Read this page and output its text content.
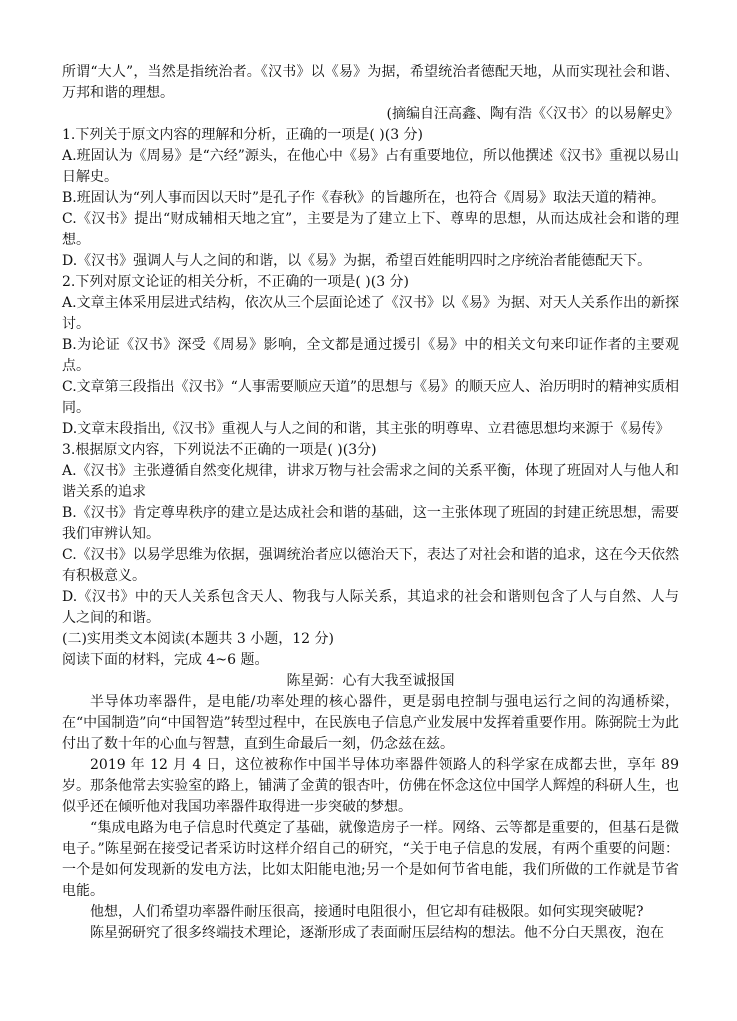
所谓“大人”，当然是指统治者。《汉书》以《易》为据，希望统治者德配天地，从而实现社会和谐、万邦和谐的理想。

(摘编自汪高鑫、陶有浩《〈汉书〉的以易解史》

1.下列关于原文内容的理解和分析，正确的一项是( )(3 分)

A.班固认为《周易》是“六经”源头，在他心中《易》占有重要地位，所以他撰述《汉书》重视以易山日解史。

B.班固认为“列人事而因以天时”是孔子作《春秋》的旨趣所在，也符合《周易》取法天道的精神。

C.《汉书》提出“财成辅相天地之宜”，主要是为了建立上下、尊卑的思想，从而达成社会和谐的理想。

D.《汉书》强调人与人之间的和谐，以《易》为据，希望百姓能明四时之序统治者能德配天下。

2.下列对原文论证的相关分析，不正确的一项是( )(3 分)

A.文章主体采用层进式结构，依次从三个层面论述了《汉书》以《易》为据、对天人关系作出的新探讨。

B.为论证《汉书》深受《周易》影响，全文都是通过援引《易》中的相关文句来印证作者的主要观点。

C.文章第三段指出《汉书》“人事需要顺应天道”的思想与《易》的顺天应人、治历明时的精神实质相同。

D.文章末段指出,《汉书》重视人与人之间的和谐，其主张的明尊卑、立君德思想均来源于《易传》

3.根据原文内容，下列说法不正确的一项是( )(3分)

A.《汉书》主张遵循自然变化规律，讲求万物与社会需求之间的关系平衡，体现了班固对人与他人和谐关系的追求

B.《汉书》肯定尊卑秩序的建立是达成社会和谐的基础，这一主张体现了班固的封建正统思想，需要我们审辨认知。

C.《汉书》以易学思维为依据，强调统治者应以德治天下，表达了对社会和谐的追求，这在今天依然有积极意义。

D.《汉书》中的天人关系包含天人、物我与人际关系，其追求的社会和谐则包含了人与自然、人与人之间的和谐。

(二)实用类文本阅读(本题共 3 小题，12 分)

阅读下面的材料，完成 4~6 题。

陈星弼：心有大我至诚报国

半导体功率器件，是电能/功率处理的核心器件，更是弱电控制与强电运行之间的沟通桥梁，在“中国制造”向“中国智造”转型过程中，在民族电子信息产业发展中发挥着重要作用。陈弼院士为此付出了数十年的心血与智慧，直到生命最后一刻，仍念兹在兹。

2019 年 12 月 4 日，这位被称作中国半导体功率器件领路人的科学家在成都去世，享年 89 岁。那条他常去实验室的路上，铺满了金黄的银杏叶，仿佛在怀念这位中国学人辉煌的科研人生，也似乎还在倾听他对我国功率器件取得进一步突破的梦想。

“集成电路为电子信息时代奠定了基础，就像造房子一样。网络、云等都是重要的，但基石是微电子。”陈星弼在接受记者采访时这样介绍自己的研究，“关于电子信息的发展，有两个重要的问题：一个是如何发现新的发电方法，比如太阳能电池;另一个是如何节省电能，我们所做的工作就是节省电能。

他想，人们希望功率器件耐压很高，接通时电阻很小，但它却有硅极限。如何实现突破呢?

陈星弼研究了很多终端技术理论，逐渐形成了表面耐压层结构的想法。他不分白天黑夜，泡在
